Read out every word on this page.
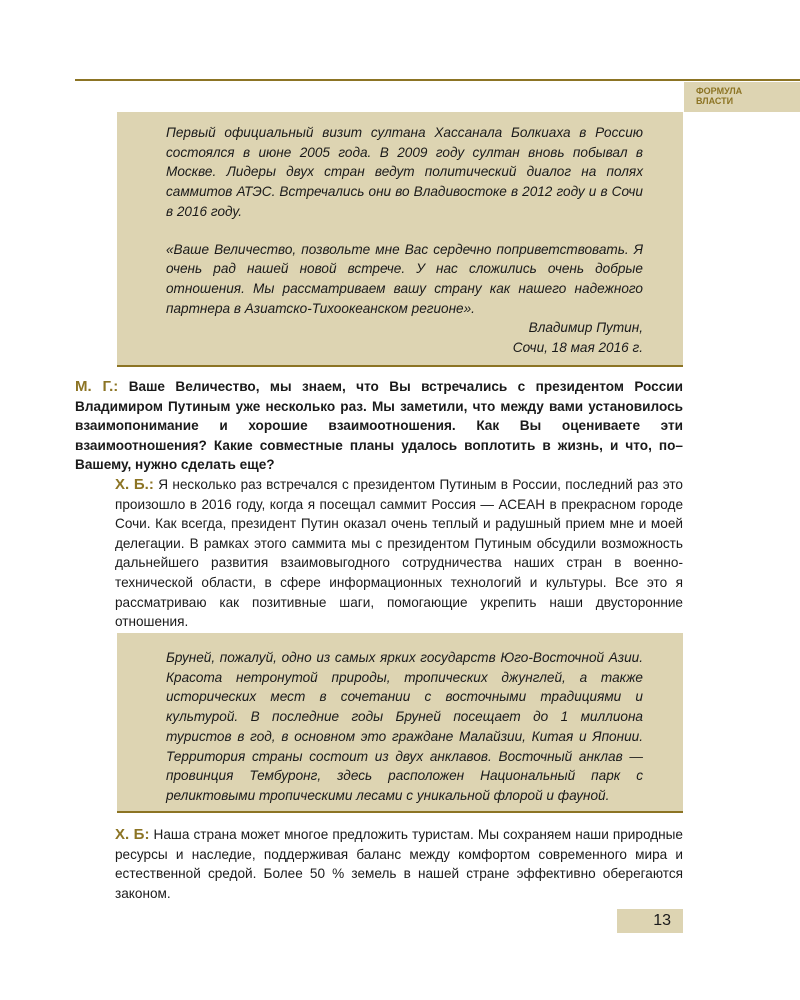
ФОРМУЛА
ВЛАСТИ

Первый официальный визит султана Хассанала Болкиаха в Россию состоялся в июне 2005 года. В 2009 году султан вновь побывал в Москве. Лидеры двух стран ведут политический диалог на полях саммитов АТЭС. Встречались они во Владивостоке в 2012 году и в Сочи в 2016 году.

«Ваше Величество, позвольте мне Вас сердечно поприветствовать. Я очень рад нашей новой встрече. У нас сложились очень добрые отношения. Мы рассматриваем вашу страну как нашего надежного партнера в Азиатско-Тихоокеанском регионе».

Владимир Путин,

Сочи, 18 мая 2016 г.

М. Г.: Ваше Величество, мы знаем, что Вы встречались с президентом России Владимиром Путиным уже несколько раз. Мы заметили, что между вами установилось взаимопонимание и хорошие взаимоотношения. Как Вы оцениваете эти взаимоотношения? Какие совместные планы удалось воплотить в жизнь, и что, по–Вашему, нужно сделать еще?

Х. Б.: Я несколько раз встречался с президентом Путиным в России, последний раз это произошло в 2016 году, когда я посещал саммит Россия — АСЕАН в прекрасном городе Сочи. Как всегда, президент Путин оказал очень теплый и радушный прием мне и моей делегации. В рамках этого саммита мы с президентом Путиным обсудили возможность дальнейшего развития взаимовыгодного сотрудничества наших стран в военно-технической области, в сфере информационных технологий и культуры. Все это я рассматриваю как позитивные шаги, помогающие укрепить наши двусторонние отношения.

Бруней, пожалуй, одно из самых ярких государств Юго-Восточной Азии. Красота нетронутой природы, тропических джунглей, а также исторических мест в сочетании с восточными традициями и культурой. В последние годы Бруней посещает до 1 миллиона туристов в год, в основном это граждане Малайзии, Китая и Японии. Территория страны состоит из двух анклавов. Восточный анклав — провинция Тембуронг, здесь расположен Национальный парк с реликтовыми тропическими лесами с уникальной флорой и фауной.

Х. Б: Наша страна может многое предложить туристам. Мы сохраняем наши природные ресурсы и наследие, поддерживая баланс между комфортом современного мира и естественной средой. Более 50 % земель в нашей стране эффективно оберегаются законом.

13
